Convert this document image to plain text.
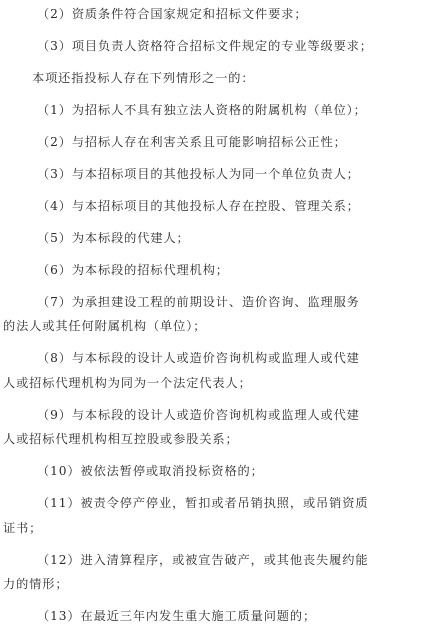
（2）资质条件符合国家规定和招标文件要求；
（3）项目负责人资格符合招标文件规定的专业等级要求；
本项还指投标人存在下列情形之一的：
（1）为招标人不具有独立法人资格的附属机构（单位）；
（2）与招标人存在利害关系且可能影响招标公正性；
（3）与本招标项目的其他投标人为同一个单位负责人；
（4）与本招标项目的其他投标人存在控股、管理关系；
（5）为本标段的代建人；
（6）为本标段的招标代理机构；
（7）为承担建设工程的前期设计、造价咨询、监理服务
的法人或其任何附属机构（单位）；
（8）与本标段的设计人或造价咨询机构或监理人或代建
人或招标代理机构为同为一个法定代表人；
（9）与本标段的设计人或造价咨询机构或监理人或代建
人或招标代理机构相互控股或参股关系；
（10）被依法暂停或取消投标资格的；
（11）被责令停产停业，暂扣或者吊销执照，或吊销资质
证书；
（12）进入清算程序，或被宣告破产，或其他丧失履约能
力的情形；
（13）在最近三年内发生重大施工质量问题的；
